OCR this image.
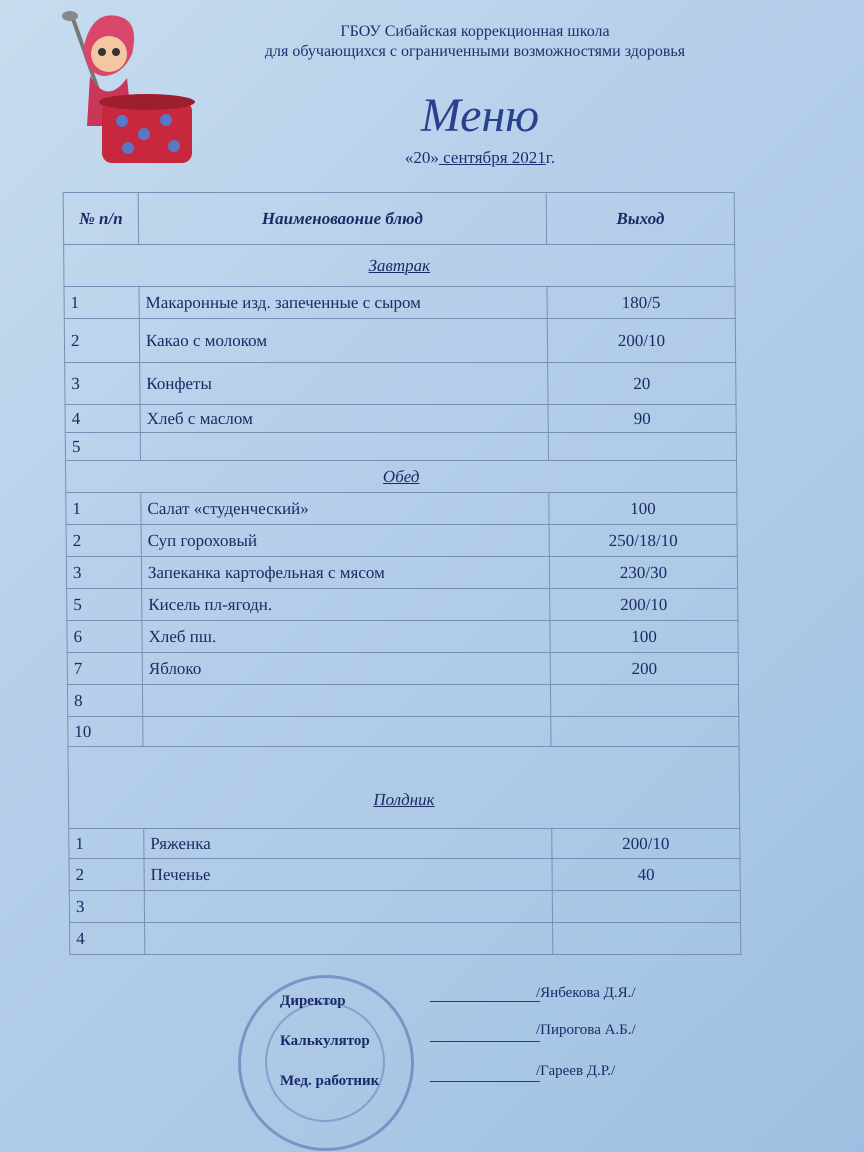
ГБОУ Сибайская коррекционная школа
для обучающихся с ограниченными возможностями здоровья
Меню
«20» сентября 2021г.
№ п/п	Наименоваоние блюд	Выход
Завтрак		
1	Макаронные изд. запеченные с сыром	180/5
2	Какао с молоком	200/10
3	Конфеты	20
4	Хлеб с маслом	90
5		
Обед		
1	Салат «студенческий»	100
2	Суп гороховый	250/18/10
3	Запеканка картофельная с мясом	230/30
5	Кисель пл-ягодн.	200/10
6	Хлеб пш.	100
7	Яблоко	200
8		
10		
Полдник		
1	Ряженка	200/10
2	Печенье	40
3		
4		
Директор	/Янбекова Д.Я./
Калькулятор
/Пирогова А.Б./
Мед. работник
/Гареев Д.Р./
